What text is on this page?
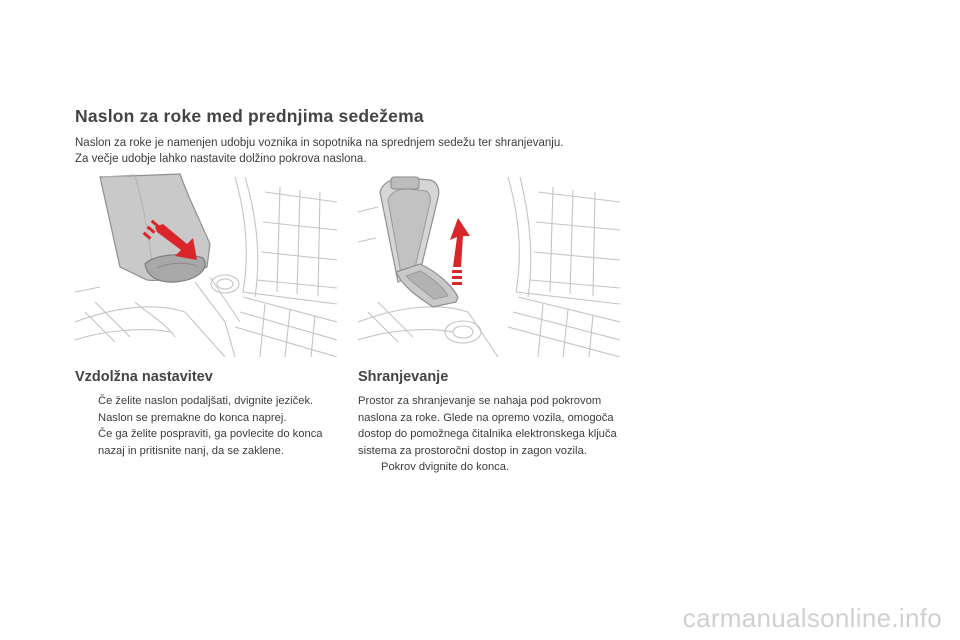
Naslon za roke med prednjima sedežema
Naslon za roke je namenjen udobju voznika in sopotnika na sprednjem sedežu ter shranjevanju.
Za večje udobje lahko nastavite dolžino pokrova naslona.
Vzdolžna nastavitev
Če želite naslon podaljšati, dvignite jeziček. Naslon se premakne do konca naprej.
Če ga želite pospraviti, ga povlecite do konca nazaj in pritisnite nanj, da se zaklene.
Shranjevanje

Prostor za shranjevanje se nahaja pod pokrovom naslona za roke. Glede na opremo vozila, omogoča dostop do pomožnega čitalnika elektronskega ključa sistema za prostoročni dostop in zagon vozila.

Pokrov dvignite do konca.
carmanualsonline.info
